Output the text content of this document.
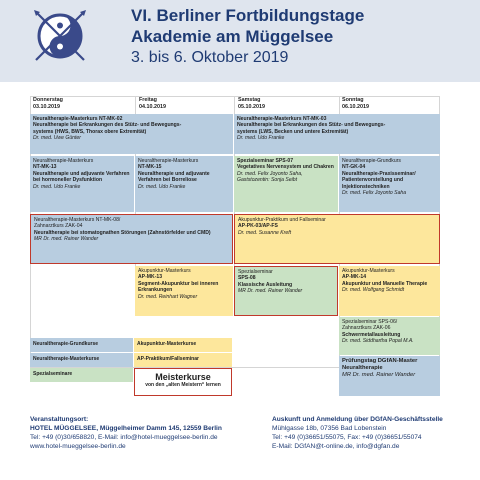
VI. Berliner Fortbildungstage
Akademie am Müggelsee
3. bis 6. Oktober 2019
Donnerstag
03.10.2019
Freitag
04.10.2019
Samstag
05.10.2019
Sonntag
06.10.2019
Neuraltherapie-Masterkurs NT-MK-02
Neuraltherapie bei Erkrankungen des Stütz- und Bewegungs-
systems (HWS, BWS, Thorax obere Extremität)
Dr. med. Uwe Günter
Neuraltherapie-Masterkurs NT-MK-03
Neuraltherapie bei Erkrankungen des Stütz- und Bewegungs-
systems (LWS, Becken und untere Extremität)
Dr. med. Udo Franke
Neuraltherapie-Masterkurs
NT-MK-13
Neuraltherapie und adjuvante Verfahren bei hormoneller Dysfunktion
Dr. med. Udo Franke
Neuraltherapie-Masterkurs
NT-MK-15
Neuraltherapie und adjuvante Verfahren bei Borreliose
Dr. med. Udo Franke
Spezialseminar SPS-07
Vegetatives Nervensystem und Chakren
Dr. med. Felix Joyonto Saha, Gaststozentin: Sonja Seibt
Neuraltherapie-Grundkurs
NT-GK-04
Neuraltherapie-Praxisseminar/ Patientenvorstellung und Injektionstechniken
Dr. med. Felix Joyonto Saha
Neuraltherapie-Masterkurs NT-MK-08/
Zahnarztkurs ZAK-04
Neuraltherapie bei stomatognathen Störungen (Zahnstörfelder und CMD)
MR Dr. med. Rainer Wander
Akupunktur-Praktikum und Fallseminar
AP-PK-03/AP-FS
Dr. med. Susanne Kreft
Akupunktur-Masterkurs
AP-MK-13
Segment-Akupunktur bei inneren Erkrankungen
Dr. med. Reinhart Wagner
Spezialseminar
SPS-08
Klassische Ausleitung
MR Dr. med. Rainer Wander
Akupunktur-Masterkurs
AP-MK-14
Akupunktur und Manuelle Therapie
Dr. med. Wolfgang Schmidt
Spezialseminar SPS-06/
Zahnarztkurs ZAK-06
Schwermetallausleitung
Dr. med. Siddhartha Popal M.A.
Prüfungstag DGfAN-Master Neuraltherapie
MR Dr. med. Rainer Wander
Neuraltherapie-Grundkurse
Neuraltherapie-Masterkurse
Spezialseminare
Akupunktur-Masterkurse
AP-Praktikum/Fallseminar
Meisterkurse
von den „alten Meistern“ lernen
Veranstaltungsort:
HOTEL MÜGGELSEE, Müggelheimer Damm 145, 12559 Berlin
Tel: +49 (0)30/658820, E-Mail: info@hotel-mueggelsee-berlin.de
www.hotel-mueggelsee-berlin.de
Auskunft und Anmeldung über DGfAN-Geschäftsstelle
Mühlgasse 18b, 07356 Bad Lobenstein
Tel: +49 (0)36651/55075, Fax: +49 (0)36651/55074
E-Mail: DGfAN@t-online.de, info@dgfan.de
